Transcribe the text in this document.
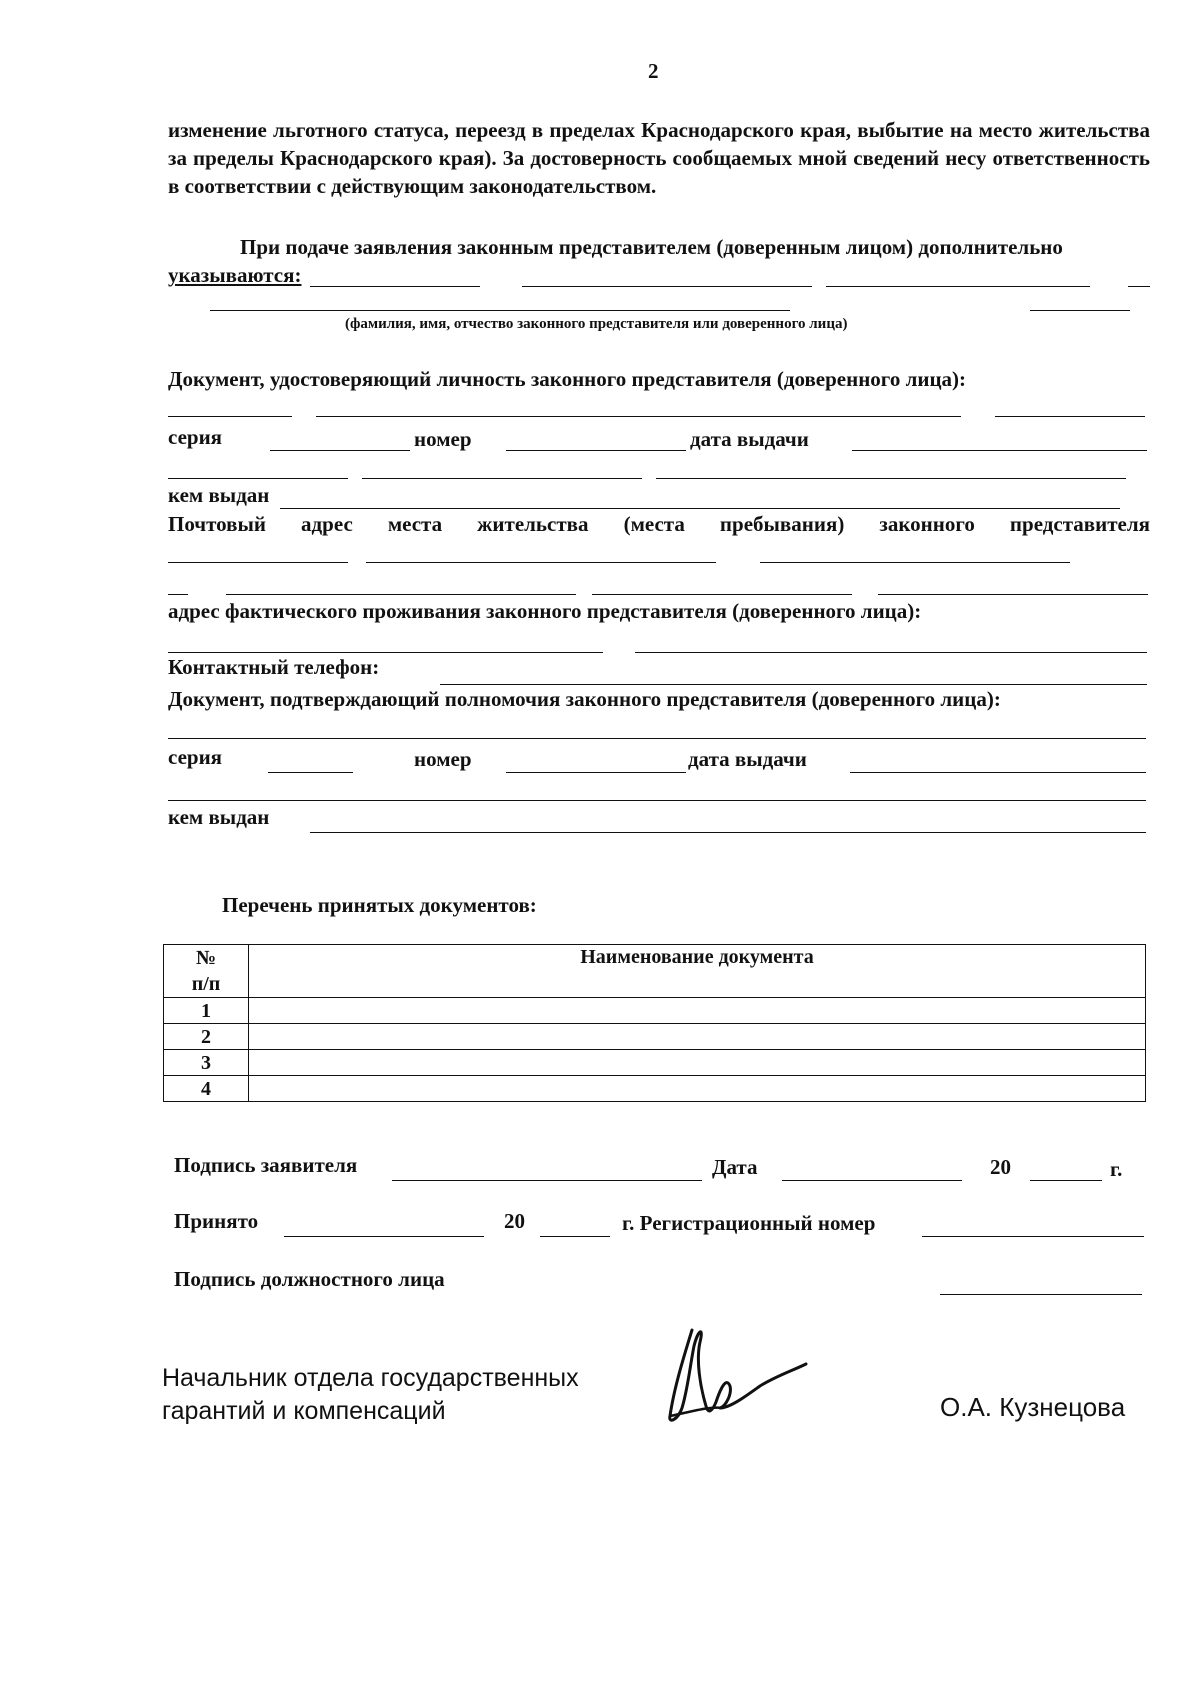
2
изменение льготного статуса, переезд в пределах Краснодарского края, выбытие на место жительства за пределы Краснодарского края). За достоверность сообщаемых мной сведений несу ответственность в соответствии с действующим законодательством.
При подаче заявления законным представителем (доверенным лицом) дополнительно
указываются:
(фамилия, имя, отчество законного представителя или доверенного лица)
Документ, удостоверяющий личность законного представителя (доверенного лица):
серия	номер	дата выдачи
кем выдан
Почтовый адрес места жительства (места пребывания) законного представителя
адрес фактического проживания законного представителя (доверенного лица):
Контактный телефон:
Документ, подтверждающий полномочия законного представителя (доверенного лица):
серия	номер	дата выдачи
кем выдан
Перечень принятых документов:
№
п/п	Наименование документа
1	
2	
3	
4	
Подпись заявителя	Дата	20	г.
Принято	20	г. Регистрационный номер
Подпись должностного лица
Начальник отдела государственных
гарантий и компенсаций	О.А. Кузнецова
